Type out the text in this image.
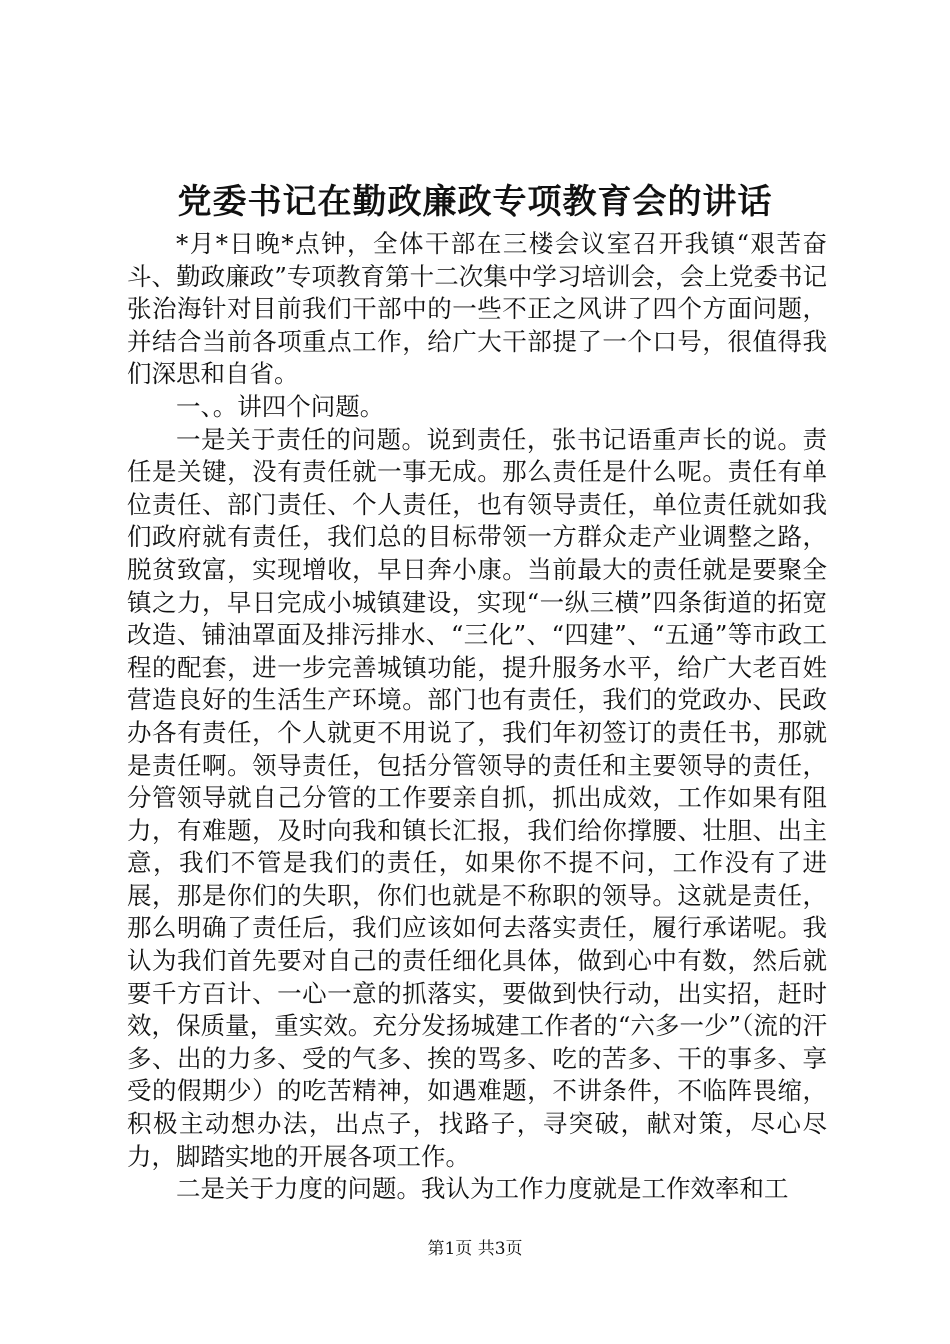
党委书记在勤政廉政专项教育会的讲话

*月*日晚*点钟，全体干部在三楼会议室召开我镇“艰苦奋斗、勤政廉政”专项教育第十二次集中学习培训会，会上党委书记张治海针对目前我们干部中的一些不正之风讲了四个方面问题，并结合当前各项重点工作，给广大干部提了一个口号，很值得我们深思和自省。

一、。讲四个问题。

一是关于责任的问题。说到责任，张书记语重声长的说。责任是关键，没有责任就一事无成。那么责任是什么呢。责任有单位责任、部门责任、个人责任，也有领导责任，单位责任就如我们政府就有责任，我们总的目标带领一方群众走产业调整之路，脱贫致富，实现增收，早日奔小康。当前最大的责任就是要聚全镇之力，早日完成小城镇建设，实现“一纵三横”四条街道的拓宽改造、铺油罩面及排污排水、“三化”、“四建”、“五通”等市政工程的配套，进一步完善城镇功能，提升服务水平，给广大老百姓营造良好的生活生产环境。部门也有责任，我们的党政办、民政办各有责任，个人就更不用说了，我们年初签订的责任书，那就是责任啊。领导责任，包括分管领导的责任和主要领导的责任，分管领导就自己分管的工作要亲自抓，抓出成效，工作如果有阻力，有难题，及时向我和镇长汇报，我们给你撑腰、壮胆、出主意，我们不管是我们的责任，如果你不提不问，工作没有了进展，那是你们的失职，你们也就是不称职的领导。这就是责任，那么明确了责任后，我们应该如何去落实责任，履行承诺呢。我认为我们首先要对自己的责任细化具体，做到心中有数，然后就要千方百计、一心一意的抓落实，要做到快行动，出实招，赶时效，保质量，重实效。充分发扬城建工作者的“六多一少”（流的汗多、出的力多、受的气多、挨的骂多、吃的苦多、干的事多、享受的假期少）的吃苦精神，如遇难题，不讲条件，不临阵畏缩，积极主动想办法，出点子，找路子，寻突破，献对策，尽心尽力，脚踏实地的开展各项工作。

二是关于力度的问题。我认为工作力度就是工作效率和工

第1页 共3页
